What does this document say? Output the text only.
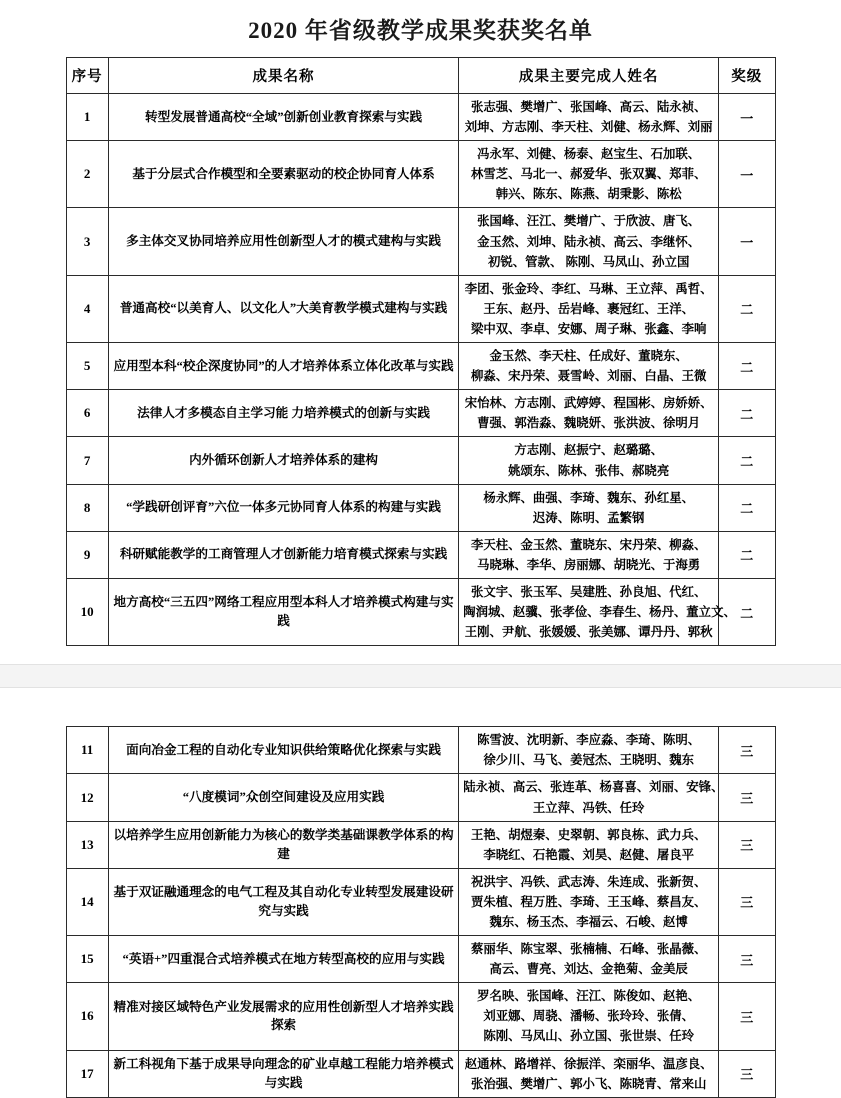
2020 年省级教学成果奖获奖名单
序号	成果名称	成果主要完成人姓名	奖级
1	转型发展普通高校“全域”创新创业教育探索与实践	张志强、樊增广、张国峰、高云、陆永祯、
刘坤、方志刚、李天柱、刘健、杨永辉、刘丽	一
2	基于分层式合作模型和全要素驱动的校企协同育人体系	冯永军、刘健、杨泰、赵宝生、石加联、
林雪芝、马北一、郝爱华、张双翼、郑菲、
韩兴、陈东、陈燕、胡秉影、陈松	一
3	多主体交叉协同培养应用性创新型人才的模式建构与实践	张国峰、汪江、樊增广、于欣波、唐飞、
金玉然、刘坤、陆永祯、高云、李继怀、
初锐、管款、 陈刚、马凤山、孙立国	一
4	普通高校“以美育人、以文化人”大美育教学模式建构与实践	李团、张金玲、李红、马琳、王立萍、禹哲、
王东、赵丹、岳岩峰、裹冠红、王洋、
梁中双、李卓、安娜、周子琳、张鑫、李响	二
5	应用型本科“校企深度协同”的人才培养体系立体化改革与实践	金玉然、李天柱、任成好、董晓东、
柳淼、宋丹荣、聂雪岭、刘丽、白晶、王微	二
6	法律人才多模态自主学习能 力培养模式的创新与实践	宋怡林、方志刚、武婷婷、程国彬、房娇娇、
曹强、郭浩淼、魏晓妍、张洪波、徐明月	二
7	内外循环创新人才培养体系的建构	方志刚、赵振宁、赵璐璐、
姚颂东、陈林、张伟、郝晓亮	二
8	“学践研创评育”六位一体多元协同育人体系的构建与实践	杨永辉、曲强、李琦、魏东、孙红星、
迟涛、陈明、孟繁钢	二
9	科研赋能教学的工商管理人才创新能力培育模式探索与实践	李天柱、金玉然、董晓东、宋丹荣、柳淼、
马晓琳、李华、房丽娜、胡晓光、于海勇	二
10	地方高校“三五四”网络工程应用型本科人才培养模式构建与实践	张文宇、张玉军、吴建胜、孙良旭、代红、
陶润城、赵骥、张孝俭、李春生、杨丹、董立文、
王刚、尹航、张媛媛、张美娜、谭丹丹、郭秋	二
11	面向冶金工程的自动化专业知识供给策略优化探索与实践	陈雪波、沈明新、李应淼、李琦、陈明、
徐少川、马飞、姜冠杰、王晓明、魏东	三
12	“八度模词”众创空间建设及应用实践	陆永祯、高云、张连革、杨喜喜、刘丽、安锋、
王立萍、冯铁、任玲	三
13	以培养学生应用创新能力为核心的数学类基础课教学体系的构建	王艳、胡煜秦、史翠朝、郭良栋、武力兵、
李晓红、石艳霞、刘昊、赵健、屠良平	三
14	基于双证融通理念的电气工程及其自动化专业转型发展建设研究与实践	祝洪宇、冯铁、武志涛、朱连成、张新贺、
贾朱植、程万胜、李琦、王玉峰、蔡昌友、
魏东、杨玉杰、李福云、石峻、赵博	三
15	“英语+”四重混合式培养模式在地方转型高校的应用与实践	蔡丽华、陈宝翠、张楠楠、石峰、张晶薇、
高云、曹亮、刘达、金艳菊、金美辰	三
16	精准对接区域特色产业发展需求的应用性创新型人才培养实践探索	罗名映、张国峰、汪江、陈俊如、赵艳、
刘亚娜、周骁、潘畅、张玲玲、张倩、
陈刚、马凤山、孙立国、张世崇、任玲	三
17	新工科视角下基于成果导向理念的矿业卓越工程能力培养模式与实践	赵通林、路增祥、徐振洋、栾丽华、温彦良、
张治强、樊增广、郭小飞、陈晓青、常来山	三
